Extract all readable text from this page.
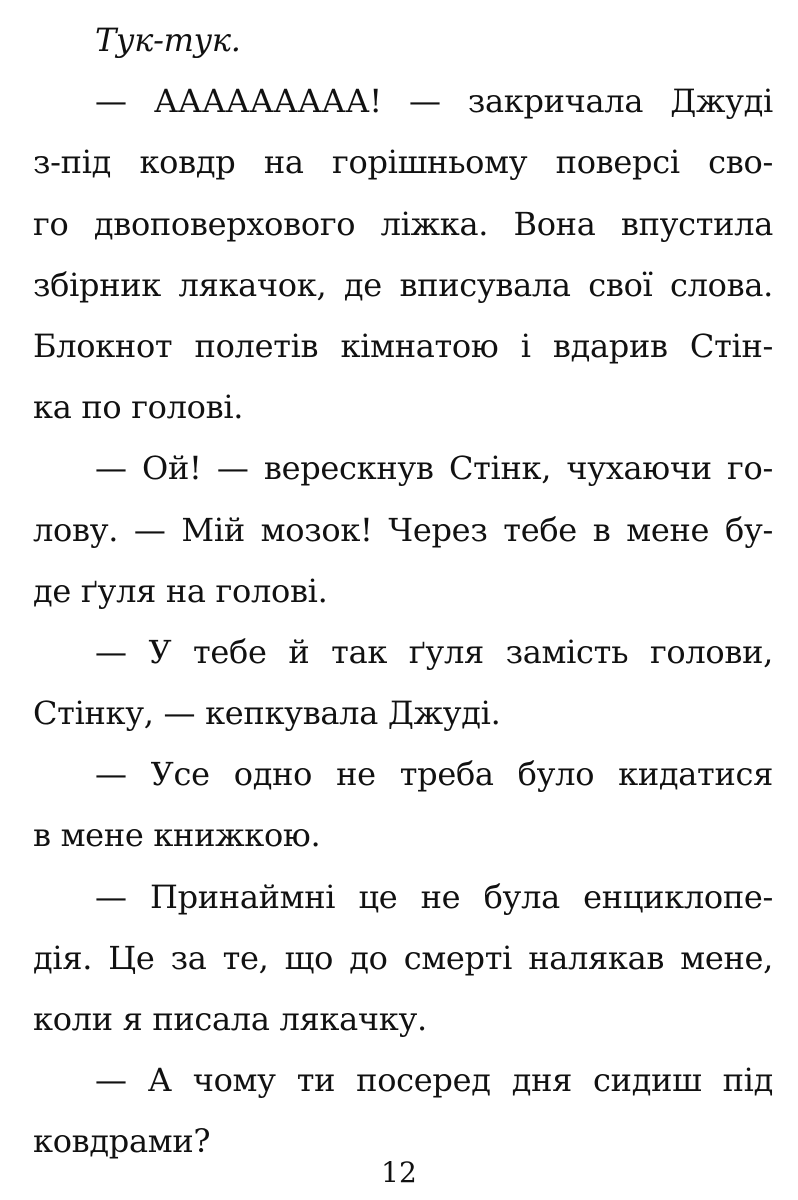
Тук-тук.
— ААААААААА! — закричала Джуді
з-під ковдр на горішньому поверсі сво-
го двоповерхового ліжка. Вона впустила
збірник лякачок, де вписувала свої слова.
Блокнот полетів кімнатою і вдарив Стін-
ка по голові.
— Ой! — верескнув Стінк, чухаючи го-
лову. — Мій мозок! Через тебе в мене бу-
де ґуля на голові.
— У тебе й так ґуля замість голови,
Стінку, — кепкувала Джуді.
— Усе одно не треба було кидатися
в мене книжкою.
— Принаймні це не була енциклопе-
дія. Це за те, що до смерті налякав мене,
коли я писала лякачку.
— А чому ти посеред дня сидиш під
ковдрами?
12
